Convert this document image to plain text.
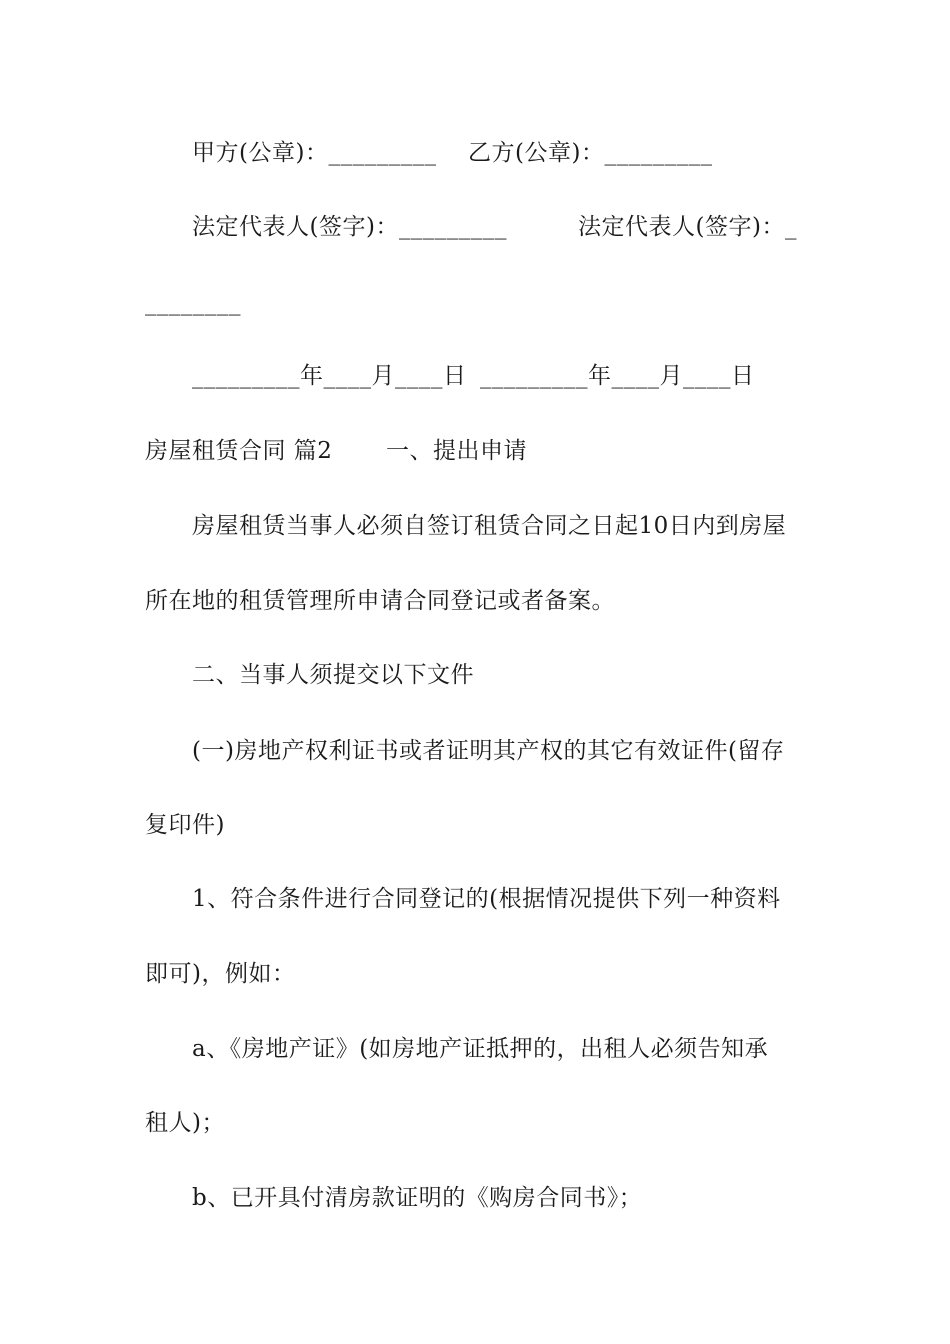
甲方(公章)：_________ 乙方(公章)：_________
法定代表人(签字)：_________	法定代表人(签字)：_
________
_________年____月____日 _________年____月____日
房屋租赁合同 篇2 一、提出申请
房屋租赁当事人必须自签订租赁合同之日起10日内到房屋
所在地的租赁管理所申请合同登记或者备案。
二、当事人须提交以下文件
(一)房地产权利证书或者证明其产权的其它有效证件(留存
复印件)
1、符合条件进行合同登记的(根据情况提供下列一种资料
即可)，例如：
a、《房地产证》(如房地产证抵押的，出租人必须告知承
租人)；
b、已开具付清房款证明的《购房合同书》；
